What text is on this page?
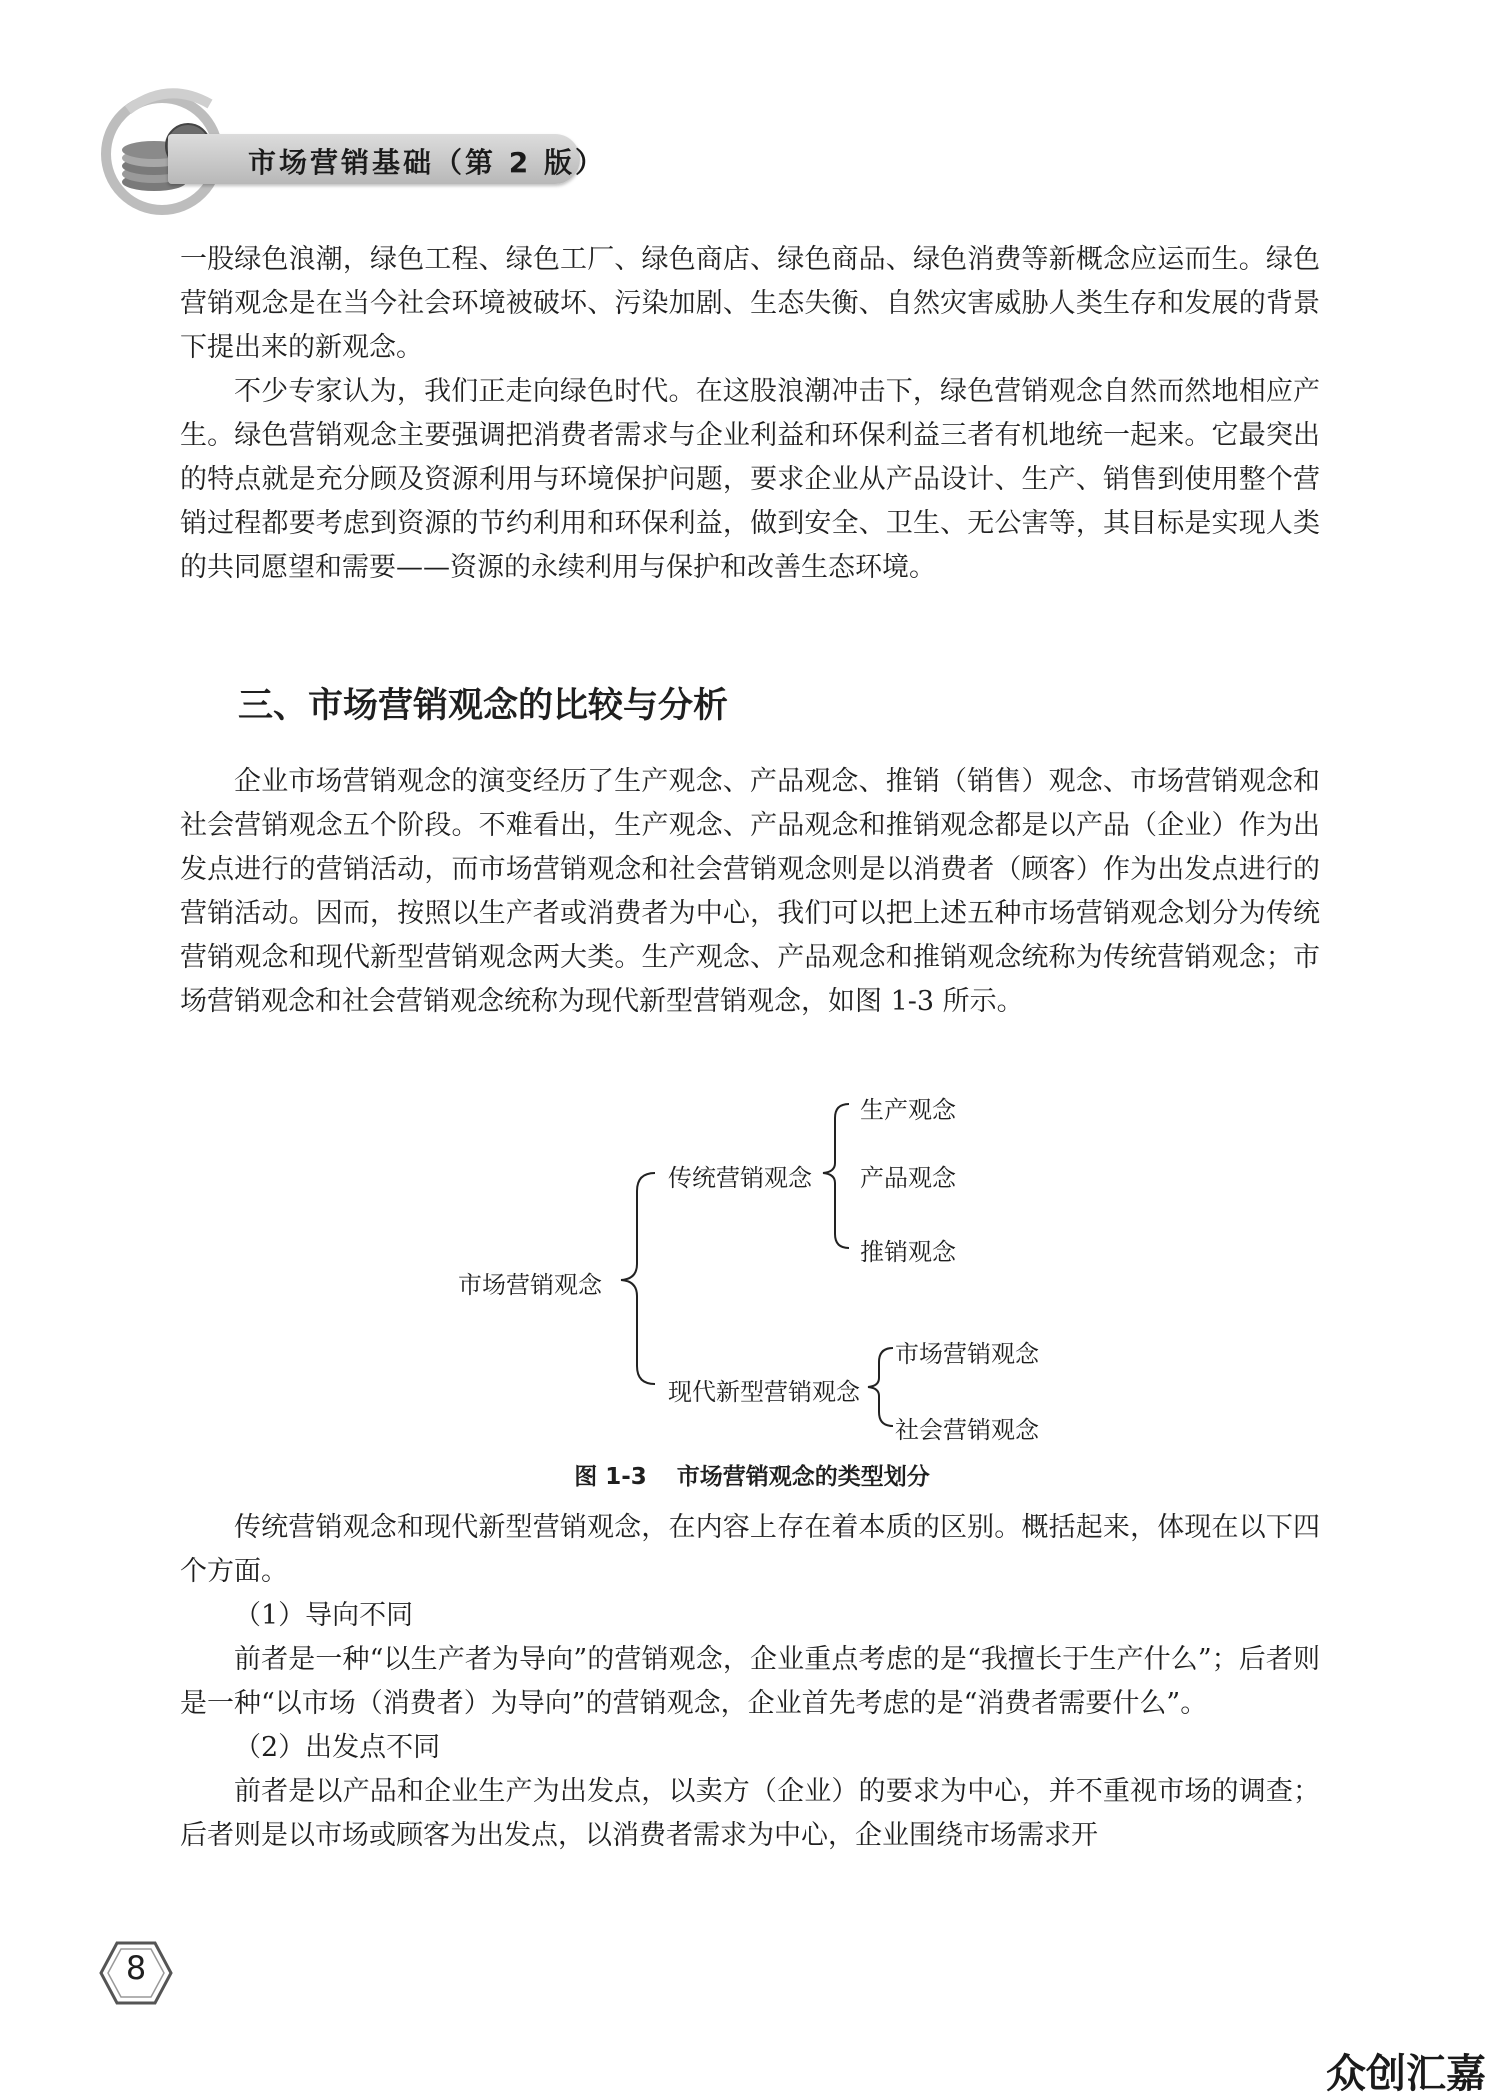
市场营销基础（第 2 版）

一股绿色浪潮，绿色工程、绿色工厂、绿色商店、绿色商品、绿色消费等新概念应运而生。绿色营销观念是在当今社会环境被破坏、污染加剧、生态失衡、自然灾害威胁人类生存和发展的背景下提出来的新观念。

不少专家认为，我们正走向绿色时代。在这股浪潮冲击下，绿色营销观念自然而然地相应产生。绿色营销观念主要强调把消费者需求与企业利益和环保利益三者有机地统一起来。它最突出的特点就是充分顾及资源利用与环境保护问题，要求企业从产品设计、生产、销售到使用整个营销过程都要考虑到资源的节约利用和环保利益，做到安全、卫生、无公害等，其目标是实现人类的共同愿望和需要——资源的永续利用与保护和改善生态环境。

三、市场营销观念的比较与分析

企业市场营销观念的演变经历了生产观念、产品观念、推销（销售）观念、市场营销观念和社会营销观念五个阶段。不难看出，生产观念、产品观念和推销观念都是以产品（企业）作为出发点进行的营销活动，而市场营销观念和社会营销观念则是以消费者（顾客）作为出发点进行的营销活动。因而，按照以生产者或消费者为中心，我们可以把上述五种市场营销观念划分为传统营销观念和现代新型营销观念两大类。生产观念、产品观念和推销观念统称为传统营销观念；市场营销观念和社会营销观念统称为现代新型营销观念，如图 1-3 所示。

市场营销观念
传统营销观念
现代新型营销观念
生产观念
产品观念
推销观念
市场营销观念
社会营销观念
图 1-3 市场营销观念的类型划分

传统营销观念和现代新型营销观念，在内容上存在着本质的区别。概括起来，体现在以下四个方面。

（1）导向不同

前者是一种“以生产者为导向”的营销观念，企业重点考虑的是“我擅长于生产什么”；后者则是一种“以市场（消费者）为导向”的营销观念，企业首先考虑的是“消费者需要什么”。

（2）出发点不同

前者是以产品和企业生产为出发点，以卖方（企业）的要求为中心，并不重视市场的调查；后者则是以市场或顾客为出发点，以消费者需求为中心，企业围绕市场需求开

8
众创汇嘉
